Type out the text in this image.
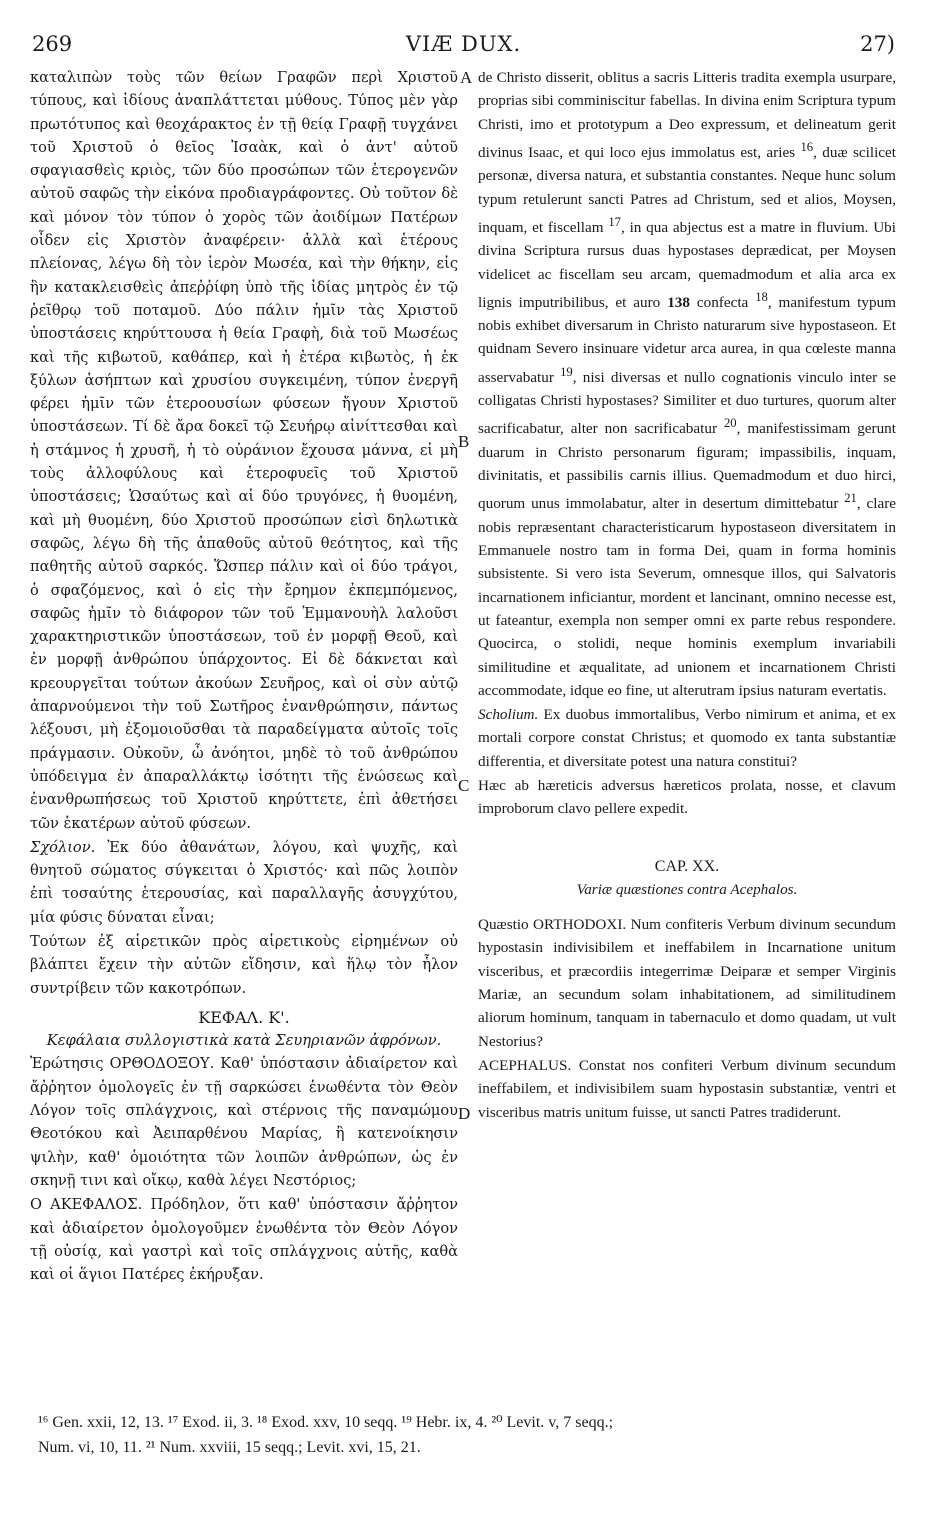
269	VIÆ DUX.	27)

καταλιπὼν τοὺς τῶν θείων Γραφῶν περὶ Χριστοῦ τύπους, καὶ ἰδίους ἀναπλάττεται μύθους. Τύπος μὲν γὰρ πρωτότυπος καὶ θεοχάρακτος ἐν τῇ θείᾳ Γραφῇ τυγχάνει τοῦ Χριστοῦ ὁ θεῖος Ἰσαὰκ, καὶ ὁ ἀντ' αὐτοῦ σφαγιασθεὶς κριὸς, τῶν δύο προσώπων τῶν ἑτερογενῶν αὐτοῦ σαφῶς τὴν εἰκόνα προδιαγράφοντες. Οὐ τοῦτον δὲ καὶ μόνον τὸν τύπον ὁ χορὸς τῶν ἀοιδίμων Πατέρων οἶδεν εἰς Χριστὸν ἀναφέρειν· ἀλλὰ καὶ ἑτέρους πλείονας, λέγω δὴ τὸν ἱερὸν Μωσέα, καὶ τὴν θήκην, εἰς ἣν κατακλεισθεὶς ἀπεῤῥίφη ὑπὸ τῆς ἰδίας μητρὸς ἐν τῷ ῥεῖθρῳ τοῦ ποταμοῦ. Δύο πάλιν ἡμῖν τὰς Χριστοῦ ὑποστάσεις κηρύττουσα ἡ θεία Γραφὴ, διὰ τοῦ Μωσέως καὶ τῆς κιβωτοῦ, καθάπερ, καὶ ἡ ἑτέρα κιβωτὸς, ἡ ἐκ ξύλων ἀσήπτων καὶ χρυσίου συγκειμένη, τύπον ἐνεργῆ φέρει ἡμῖν τῶν ἑτεροουσίων φύσεων ἤγουν Χριστοῦ ὑποστάσεων. Τί δὲ ἄρα δοκεῖ τῷ Σευήρῳ αἰνίττεσθαι καὶ ἡ στάμνος ἡ χρυσῆ, ἡ τὸ οὐράνιον ἔχουσα μάννα, εἰ μὴ τοὺς ἀλλοφύλους καὶ ἑτεροφυεῖς τοῦ Χριστοῦ ὑποστάσεις; Ὡσαύτως καὶ αἱ δύο τρυγόνες, ἡ θυομένη, καὶ μὴ θυομένη, δύο Χριστοῦ προσώπων εἰσὶ δηλωτικὰ σαφῶς, λέγω δὴ τῆς ἀπαθοῦς αὐτοῦ θεότητος, καὶ τῆς παθητῆς αὐτοῦ σαρκός. Ὥσπερ πάλιν καὶ οἱ δύο τράγοι, ὁ σφαζόμενος, καὶ ὁ εἰς τὴν ἔρημον ἐκπεμπόμενος, σαφῶς ἡμῖν τὸ διάφορον τῶν τοῦ Ἐμμανουὴλ λαλοῦσι χαρακτηριστικῶν ὑποστάσεων, τοῦ ἐν μορφῇ Θεοῦ, καὶ ἐν μορφῇ ἀνθρώπου ὑπάρχοντος. Εἰ δὲ δάκνεται καὶ κρεουργεῖται τούτων ἀκούων Σευῆρος, καὶ οἱ σὺν αὐτῷ ἀπαρνούμενοι τὴν τοῦ Σωτῆρος ἐνανθρώπησιν, πάντως λέξουσι, μὴ ἐξομοιοῦσθαι τὰ παραδείγματα αὐτοῖς τοῖς πράγμασιν. Οὐκοῦν, ὦ ἀνόητοι, μηδὲ τὸ τοῦ ἀνθρώπου ὑπόδειγμα ἐν ἀπαραλλάκτῳ ἰσότητι τῆς ἑνώσεως καὶ ἐνανθρωπήσεως τοῦ Χριστοῦ κηρύττετε, ἐπὶ ἀθετήσει τῶν ἑκατέρων αὐτοῦ φύσεων.

Σχόλιον. Ἐκ δύο ἀθανάτων, λόγου, καὶ ψυχῆς, καὶ θνητοῦ σώματος σύγκειται ὁ Χριστός· καὶ πῶς λοιπὸν ἐπὶ τοσαύτης ἑτερουσίας, καὶ παραλλαγῆς ἀσυγχύτου, μία φύσις δύναται εἶναι;

Τούτων ἐξ αἱρετικῶν πρὸς αἱρετικοὺς εἰρημένων οὐ βλάπτει ἔχειν τὴν αὐτῶν εἴδησιν, καὶ ἥλῳ τὸν ἧλον συντρίβειν τῶν κακοτρόπων.

ΚΕΦΑΛ. Κ'.
Κεφάλαια συλλογιστικὰ κατὰ Σευηριανῶν ἀφρόνων.

Ἐρώτησις ΟΡΘΟΔΟΞΟΥ. Καθ' ὑπόστασιν ἀδιαίρετον καὶ ἄῤῥητον ὁμολογεῖς ἐν τῇ σαρκώσει ἑνωθέντα τὸν Θεὸν Λόγον τοῖς σπλάγχνοις, καὶ στέρνοις τῆς παναμώμου Θεοτόκου καὶ Ἀειπαρθένου Μαρίας, ἢ κατενοίκησιν ψιλὴν, καθ' ὁμοιότητα τῶν λοιπῶν ἀνθρώπων, ὡς ἐν σκηνῇ τινι καὶ οἴκῳ, καθὰ λέγει Νεστόριος;

Ο ΑΚΕΦΑΛΟΣ. Πρόδηλον, ὅτι καθ' ὑπόστασιν ἄῤῥητον καὶ ἀδιαίρετον ὁμολογοῦμεν ἑνωθέντα τὸν Θεὸν Λόγον τῇ οὐσίᾳ, καὶ γαστρὶ καὶ τοῖς σπλάγχνοις αὐτῆς, καθὰ καὶ οἱ ἅγιοι Πατέρες ἐκήρυξαν.

A
B
C
D

de Christo disserit, oblitus a sacris Litteris tradita exempla usurpare, proprias sibi comminiscitur fabellas. In divina enim Scriptura typum Christi, imo et prototypum a Deo expressum, et delineatum gerit divinus Isaac, et qui loco ejus immolatus est, aries $^{16}$, duæ scilicet personæ, diversa natura, et substantia constantes. Neque hunc solum typum retulerunt sancti Patres ad Christum, sed et alios, Moysen, inquam, et fiscellam $^{17}$, in qua abjectus est a matre in fluvium. Ubi divina Scriptura rursus duas hypostases deprædicat, per Moysen videlicet ac fiscellam seu arcam, quemadmodum et alia arca ex lignis imputribilibus, et auro 138 confecta $^{18}$, manifestum typum nobis exhibet diversarum in Christo naturarum sive hypostaseon. Et quidnam Severo insinuare videtur arca aurea, in qua cœleste manna asservabatur $^{19}$, nisi diversas et nullo cognationis vinculo inter se colligatas Christi hypostases? Similiter et duo turtures, quorum alter sacrificabatur, alter non sacrificabatur $^{20}$, manifestissimam gerunt duarum in Christo personarum figuram; impassibilis, inquam, divinitatis, et passibilis carnis illius. Quemadmodum et duo hirci, quorum unus immolabatur, alter in desertum dimittebatur $^{21}$, clare nobis repræsentant characteristicarum hypostaseon diversitatem in Emmanuele nostro tam in forma Dei, quam in forma hominis subsistente. Si vero ista Severum, omnesque illos, qui Salvatoris incarnationem inficiantur, mordent et lancinant, omnino necesse est, ut fateantur, exempla non semper omni ex parte rebus respondere. Quocirca, o stolidi, neque hominis exemplum invariabili similitudine et æqualitate, ad unionem et incarnationem Christi accommodate, idque eo fine, ut alterutram ipsius naturam evertatis.

Scholium. Ex duobus immortalibus, Verbo nimirum et anima, et ex mortali corpore constat Christus; et quomodo ex tanta substantiæ differentia, et diversitate potest una natura constitui?

Hæc ab hæreticis adversus hæreticos prolata, nosse, et clavum improborum clavo pellere expedit.

CAP. XX.
Variæ quæstiones contra Acephalos.

Quæstio ORTHODOXI. Num confiteris Verbum divinum secundum hypostasin indivisibilem et ineffabilem in Incarnatione unitum visceribus, et præcordiis integerrimæ Deiparæ et semper Virginis Mariæ, an secundum solam inhabitationem, ad similitudinem aliorum hominum, tanquam in tabernaculo et domo quadam, ut vult Nestorius?

ACEPHALUS. Constat nos confiteri Verbum divinum secundum ineffabilem, et indivisibilem suam hypostasin substantiæ, ventri et visceribus matris unitum fuisse, ut sancti Patres tradiderunt.

¹⁶ Gen. xxii, 12, 13. ¹⁷ Exod. ii, 3. ¹⁸ Exod. xxv, 10 seqq. ¹⁹ Hebr. ix, 4. ²⁰ Levit. v, 7 seqq.;

Num. vi, 10, 11. ²¹ Num. xxviii, 15 seqq.; Levit. xvi, 15, 21.
